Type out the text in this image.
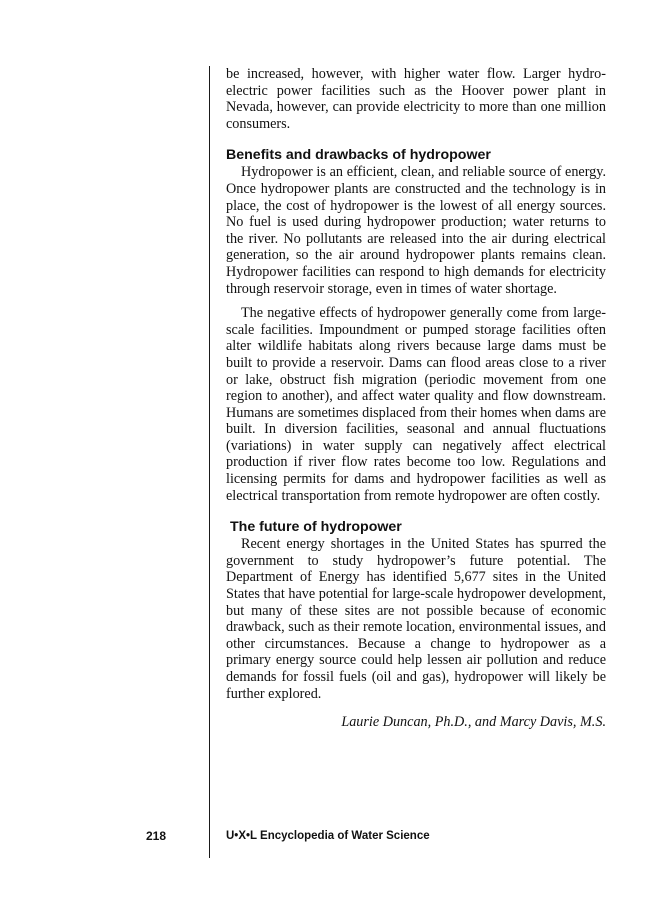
be increased, however, with higher water flow. Larger hydroelectric power facilities such as the Hoover power plant in Nevada, however, can provide electricity to more than one million consumers.

Benefits and drawbacks of hydropower

Hydropower is an efficient, clean, and reliable source of energy. Once hydropower plants are constructed and the technology is in place, the cost of hydropower is the lowest of all energy sources. No fuel is used during hydropower production; water returns to the river. No pollutants are released into the air during electrical generation, so the air around hydropower plants remains clean. Hydropower facilities can respond to high demands for electricity through reservoir storage, even in times of water shortage.

The negative effects of hydropower generally come from large-scale facilities. Impoundment or pumped storage facilities often alter wildlife habitats along rivers because large dams must be built to provide a reservoir. Dams can flood areas close to a river or lake, obstruct fish migration (periodic movement from one region to another), and affect water quality and flow downstream. Humans are sometimes displaced from their homes when dams are built. In diversion facilities, seasonal and annual fluctuations (variations) in water supply can negatively affect electrical production if river flow rates become too low. Regulations and licensing permits for dams and hydropower facilities as well as electrical transportation from remote hydropower are often costly.

The future of hydropower

Recent energy shortages in the United States has spurred the government to study hydropower’s future potential. The Department of Energy has identified 5,677 sites in the United States that have potential for large-scale hydropower development, but many of these sites are not possible because of economic drawback, such as their remote location, environmental issues, and other circumstances. Because a change to hydropower as a primary energy source could help lessen air pollution and reduce demands for fossil fuels (oil and gas), hydropower will likely be further explored.

Laurie Duncan, Ph.D., and Marcy Davis, M.S.
218	U•X•L Encyclopedia of Water Science
